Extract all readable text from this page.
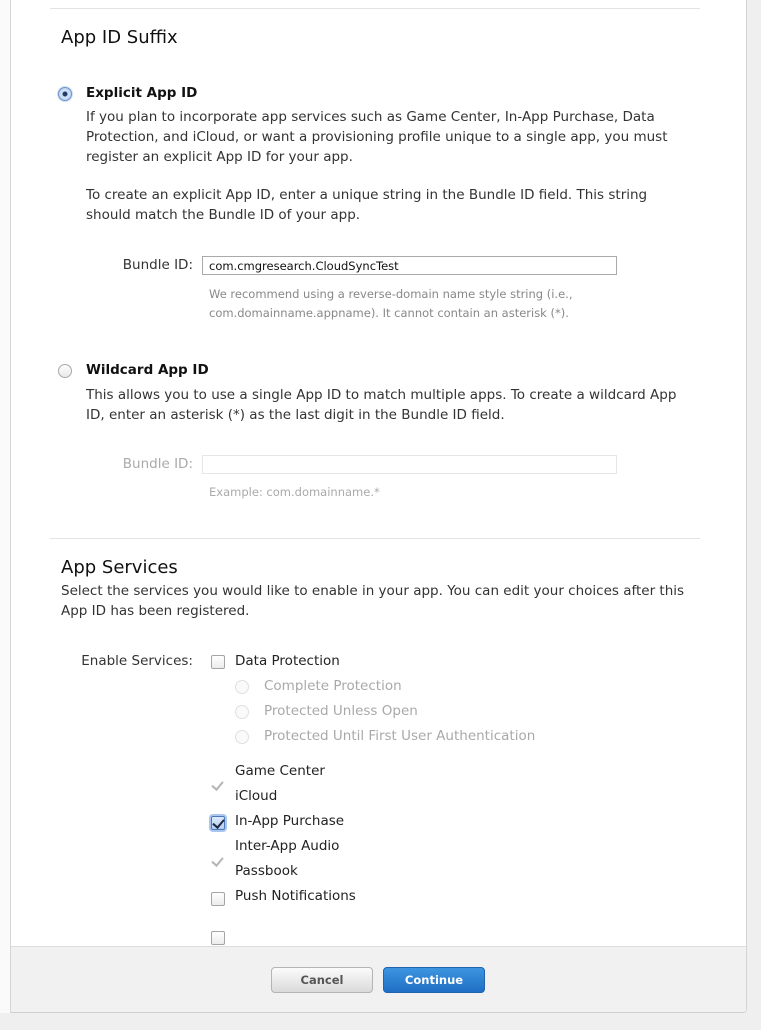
App ID Suffix
Explicit App ID
If you plan to incorporate app services such as Game Center, In-App Purchase, Data Protection, and iCloud, or want a provisioning profile unique to a single app, you must register an explicit App ID for your app.
To create an explicit App ID, enter a unique string in the Bundle ID field. This string should match the Bundle ID of your app.
Bundle ID:
com.cmgresearch.CloudSyncTest
We recommend using a reverse-domain name style string (i.e.,
com.domainname.appname). It cannot contain an asterisk (*).
Wildcard App ID
This allows you to use a single App ID to match multiple apps. To create a wildcard App ID, enter an asterisk (*) as the last digit in the Bundle ID field.
Bundle ID:
Example: com.domainname.*
App Services
Select the services you would like to enable in your app. You can edit your choices after this App ID has been registered.
Enable Services:	Data Protection
Complete Protection
Protected Unless Open
Protected Until First User Authentication
Game Center
iCloud
In-App Purchase
Inter-App Audio
Passbook
Push Notifications
Cancel	Continue
